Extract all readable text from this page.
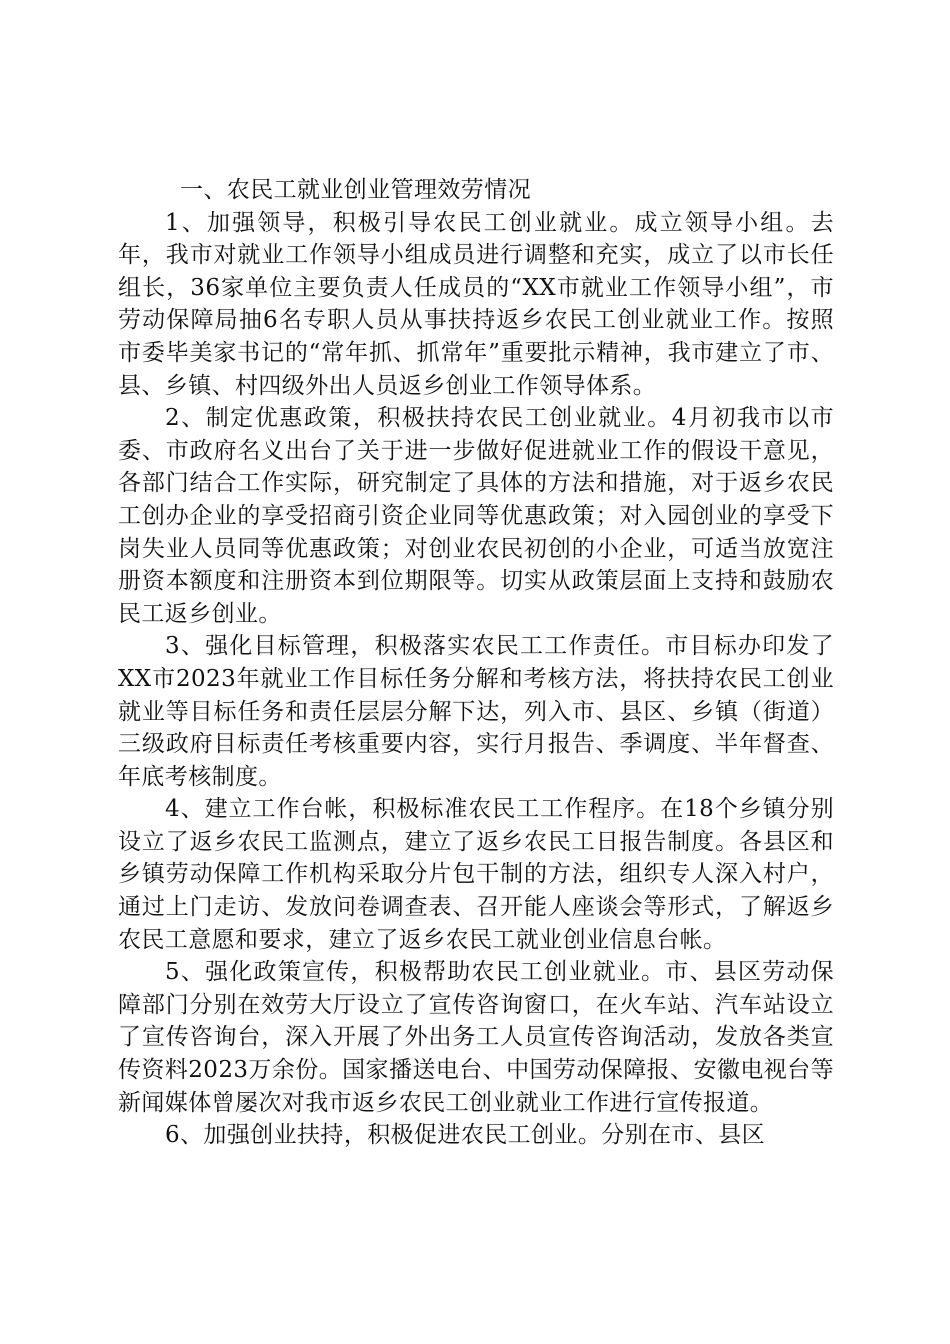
一、农民工就业创业管理效劳情况

1、加强领导，积极引导农民工创业就业。成立领导小组。去年，我市对就业工作领导小组成员进行调整和充实，成立了以市长任组长，36家单位主要负责人任成员的“XX市就业工作领导小组”，市劳动保障局抽6名专职人员从事扶持返乡农民工创业就业工作。按照市委毕美家书记的“常年抓、抓常年”重要批示精神，我市建立了市、县、乡镇、村四级外出人员返乡创业工作领导体系。

2、制定优惠政策，积极扶持农民工创业就业。4月初我市以市委、市政府名义出台了关于进一步做好促进就业工作的假设干意见，各部门结合工作实际，研究制定了具体的方法和措施，对于返乡农民工创办企业的享受招商引资企业同等优惠政策；对入园创业的享受下岗失业人员同等优惠政策；对创业农民初创的小企业，可适当放宽注册资本额度和注册资本到位期限等。切实从政策层面上支持和鼓励农民工返乡创业。

3、强化目标管理，积极落实农民工工作责任。市目标办印发了XX市2023年就业工作目标任务分解和考核方法，将扶持农民工创业就业等目标任务和责任层层分解下达，列入市、县区、乡镇（街道）三级政府目标责任考核重要内容，实行月报告、季调度、半年督查、年底考核制度。

4、建立工作台帐，积极标准农民工工作程序。在18个乡镇分别设立了返乡农民工监测点，建立了返乡农民工日报告制度。各县区和乡镇劳动保障工作机构采取分片包干制的方法，组织专人深入村户，通过上门走访、发放问卷调查表、召开能人座谈会等形式，了解返乡农民工意愿和要求，建立了返乡农民工就业创业信息台帐。

5、强化政策宣传，积极帮助农民工创业就业。市、县区劳动保障部门分别在效劳大厅设立了宣传咨询窗口，在火车站、汽车站设立了宣传咨询台，深入开展了外出务工人员宣传咨询活动，发放各类宣传资料2023万余份。国家播送电台、中国劳动保障报、安徽电视台等新闻媒体曾屡次对我市返乡农民工创业就业工作进行宣传报道。

6、加强创业扶持，积极促进农民工创业。分别在市、县区
